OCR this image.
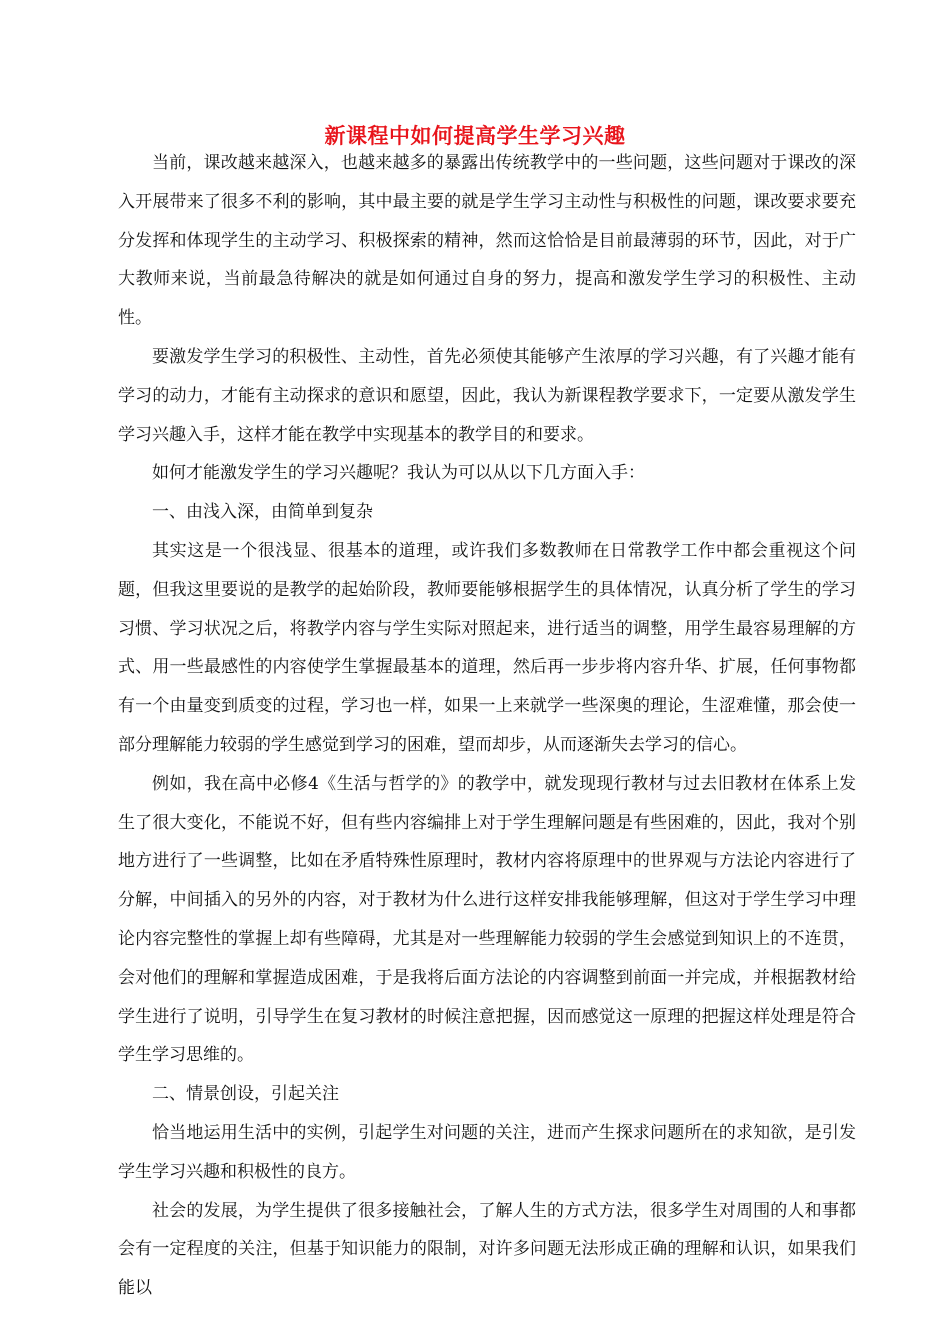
新课程中如何提高学生学习兴趣

当前，课改越来越深入，也越来越多的暴露出传统教学中的一些问题，这些问题对于课改的深入开展带来了很多不利的影响，其中最主要的就是学生学习主动性与积极性的问题，课改要求要充分发挥和体现学生的主动学习、积极探索的精神，然而这恰恰是目前最薄弱的环节，因此，对于广大教师来说，当前最急待解决的就是如何通过自身的努力，提高和激发学生学习的积极性、主动性。

要激发学生学习的积极性、主动性，首先必须使其能够产生浓厚的学习兴趣，有了兴趣才能有学习的动力，才能有主动探求的意识和愿望，因此，我认为新课程教学要求下，一定要从激发学生学习兴趣入手，这样才能在教学中实现基本的教学目的和要求。

如何才能激发学生的学习兴趣呢？我认为可以从以下几方面入手：

一、由浅入深，由简单到复杂

其实这是一个很浅显、很基本的道理，或许我们多数教师在日常教学工作中都会重视这个问题，但我这里要说的是教学的起始阶段，教师要能够根据学生的具体情况，认真分析了学生的学习习惯、学习状况之后，将教学内容与学生实际对照起来，进行适当的调整，用学生最容易理解的方式、用一些最感性的内容使学生掌握最基本的道理，然后再一步步将内容升华、扩展，任何事物都有一个由量变到质变的过程，学习也一样，如果一上来就学一些深奥的理论，生涩难懂，那会使一部分理解能力较弱的学生感觉到学习的困难，望而却步，从而逐渐失去学习的信心。

例如，我在高中必修4《生活与哲学的》的教学中，就发现现行教材与过去旧教材在体系上发生了很大变化，不能说不好，但有些内容编排上对于学生理解问题是有些困难的，因此，我对个别地方进行了一些调整，比如在矛盾特殊性原理时，教材内容将原理中的世界观与方法论内容进行了分解，中间插入的另外的内容，对于教材为什么进行这样安排我能够理解，但这对于学生学习中理论内容完整性的掌握上却有些障碍，尤其是对一些理解能力较弱的学生会感觉到知识上的不连贯，会对他们的理解和掌握造成困难，于是我将后面方法论的内容调整到前面一并完成，并根据教材给学生进行了说明，引导学生在复习教材的时候注意把握，因而感觉这一原理的把握这样处理是符合学生学习思维的。

二、情景创设，引起关注

恰当地运用生活中的实例，引起学生对问题的关注，进而产生探求问题所在的求知欲，是引发学生学习兴趣和积极性的良方。

社会的发展，为学生提供了很多接触社会，了解人生的方式方法，很多学生对周围的人和事都会有一定程度的关注，但基于知识能力的限制，对许多问题无法形成正确的理解和认识，如果我们能以
